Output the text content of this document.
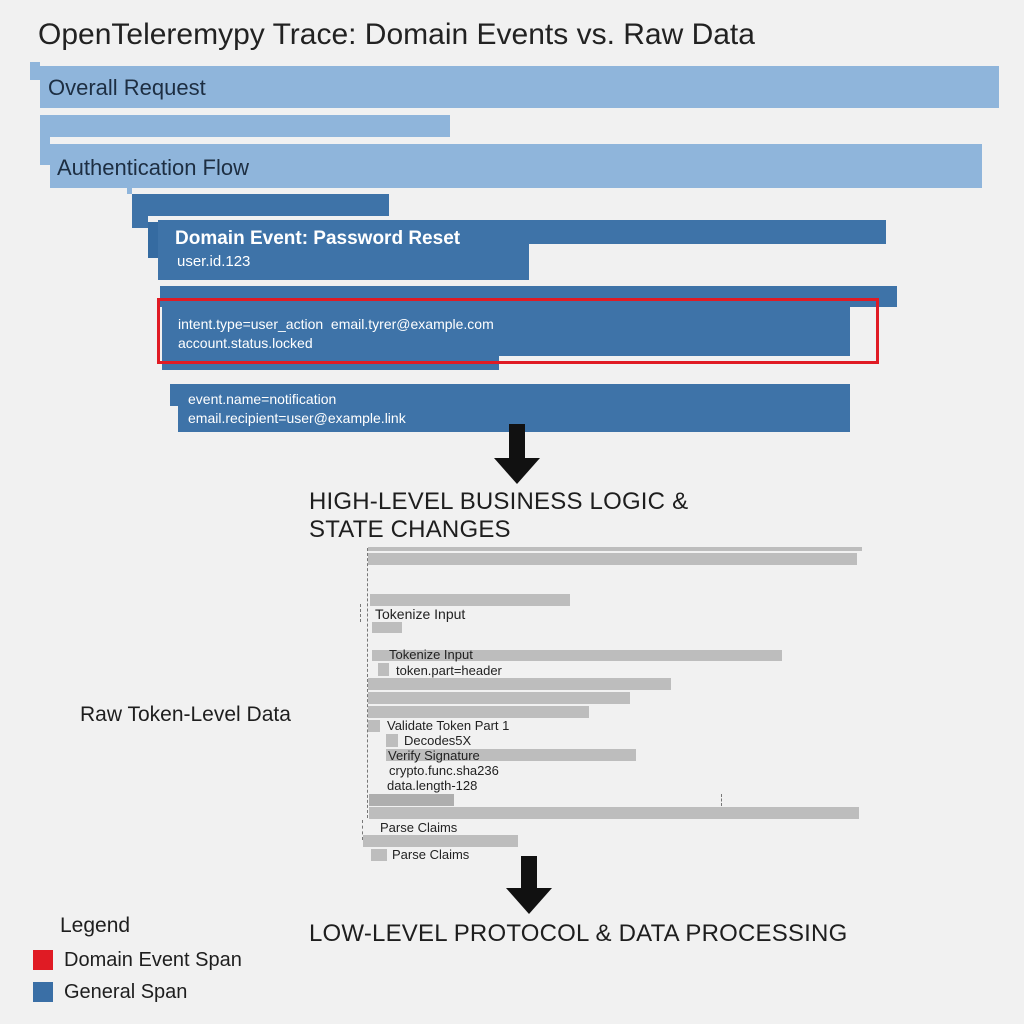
OpenTeleremypy Trace: Domain Events vs. Raw Data
Overall Request
Authentication Flow
Domain Event: Password Reset
user.id.123
intent.type=user_action  email.tyrer@example.com
account.status.locked
event.name=notification
email.recipient=user@example.link
HIGH-LEVEL BUSINESS LOGIC &
STATE CHANGES
Raw Token-Level Data
Tokenize Input
Tokenize Input
token.part=header
Validate Token Part 1
Decodes5X
Verify Signature
crypto.func.sha236
data.length-128
Parse Claims
Parse Claims
LOW-LEVEL PROTOCOL & DATA PROCESSING
Legend
Domain Event Span
General Span
